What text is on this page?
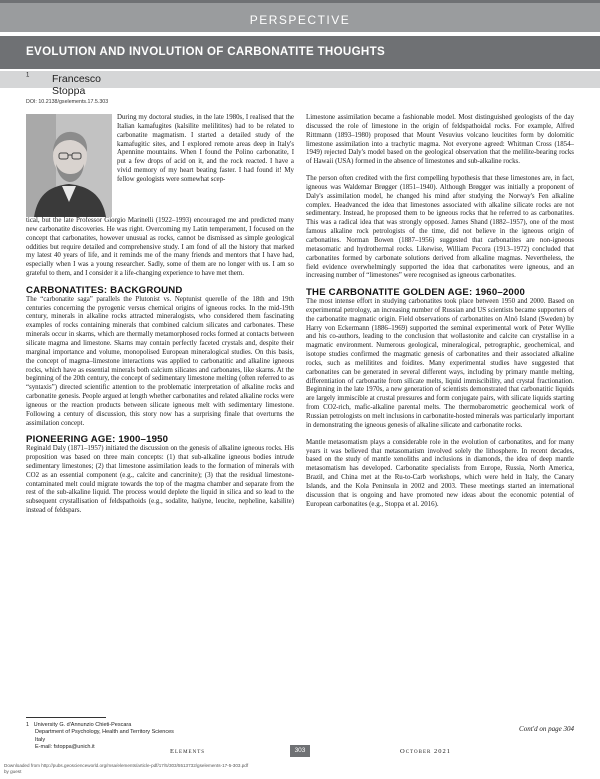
PERSPECTIVE
EVOLUTION AND INVOLUTION OF CARBONATITE THOUGHTS
Francesco Stoppa
$^1$
DOI: 10.2138/gselements.17.5.303

During my doctoral studies, in the late 1980s, I realised that the Italian kamafugites (kalsilite melilitites) had to be related to carbonatite magmatism. I started a detailed study of the kamafugitic sites, and I explored remote areas deep in Italy's Apennine mountains. When I found the Polino carbonatite, I put a few drops of acid on it, and the rock reacted. I have a vivid memory of my heart beating faster. I had found it! My fellow geologists were somewhat scep-

tical, but the late Professor Giorgio Marinelli (1922–1993) encouraged me and predicted many new carbonatite discoveries. He was right. Overcoming my Latin temperament, I focused on the concept that carbonatites, however unusual as rocks, cannot be dismissed as simple geological oddities but require detailed and comprehensive study. I am fond of all the history that marked my latest 40 years of life, and it reminds me of the many friends and mentors that I have had, especially when I was a young researcher. Sadly, some of them are no longer with us. I am so grateful to them, and I consider it a life-changing experience to have met them.

CARBONATITES: BACKGROUND

The “carbonatite saga” parallels the Plutonist vs. Neptunist querelle of the 18th and 19th centuries concerning the pyrogenic versus chemical origins of igneous rocks. In the mid-19th century, minerals in alkaline rocks attracted mineralogists, who considered them fascinating examples of rocks containing minerals that combined calcium silicates and carbonates. These minerals occur in skarns, which are thermally metamorphosed rocks formed at contacts between silicate magma and limestone. Skarns may contain perfectly faceted crystals and, despite their marginal importance and volume, monopolised European mineralogical studies. On this basis, the concept of magma–limestone interactions was applied to carbonatitic and alkaline igneous rocks, which have as essential minerals both calcium silicates and carbonates, like skarns. At the beginning of the 20th century, the concept of sedimentary limestone melting (often referred to as “syntaxis”) directed scientific attention to the problematic interpretation of alkaline rocks and carbonatite genesis. People argued at length whether carbonatites and related alkaline rocks were igneous or the reaction products between silicate igneous melt with sedimentary limestone. Following a century of discussion, this story now has a surprising finale that overturns the assimilation concept.

PIONEERING AGE: 1900–1950

Reginald Daly (1871–1957) initiated the discussion on the genesis of alkaline igneous rocks. His proposition was based on three main concepts: (1) that sub-alkaline igneous bodies intrude sedimentary limestones; (2) that limestone assimilation leads to the formation of minerals with CO2 as an essential component (e.g., calcite and cancrinite); (3) that the residual limestone-contaminated melt could migrate towards the top of the magma chamber and separate from the rest of the sub-alkaline liquid. The process would deplete the liquid in silica and so lead to the subsequent crystallisation of feldspathoids (e.g., sodalite, haüyne, leucite, nepheline, kalsilite) instead of feldspars.

Limestone assimilation became a fashionable model. Most distinguished geologists of the day discussed the role of limestone in the origin of feldspathoidal rocks. For example, Alfred Rittmann (1893–1980) proposed that Mount Vesuvius volcano leucitites form by dolomitic limestone assimilation into a trachytic magma. Not everyone agreed: Whitman Cross (1854–1949) rejected Daly's model based on the geological observation that the melilite-bearing rocks of Hawaii (USA) formed in the absence of limestones and sub-alkaline rocks.

The person often credited with the first compelling hypothesis that these limestones are, in fact, igneous was Waldemar Brøgger (1851–1940). Although Brøgger was initially a proponent of Daly's assimilation model, he changed his mind after studying the Norway's Fen alkaline complex. Headvanced the idea that limestones associated with alkaline silicate rocks are not sedimentary. Instead, he proposed them to be igneous rocks that he referred to as carbonatites. This was a radical idea that was strongly opposed. James Shand (1882–1957), one of the most famous alkaline rock petrologists of the time, did not believe in the igneous origin of carbonatites. Norman Bowen (1887–1956) suggested that carbonatites are non-igneous metasomatic and hydrothermal rocks. Likewise, William Pecora (1913–1972) concluded that carbonatites formed by carbonate solutions derived from alkaline magmas. Nevertheless, the field evidence overwhelmingly supported the idea that carbonatites were igneous, and an increasing number of “limestones” were recognised as igneous carbonatites.

THE CARBONATITE GOLDEN AGE: 1960–2000

The most intense effort in studying carbonatites took place between 1950 and 2000. Based on experimental petrology, an increasing number of Russian and US scientists became supporters of the carbonatite magmatic origin. Field observations of carbonatites on Alnö Island (Sweden) by Harry von Eckermann (1886–1969) supported the seminal experimental work of Peter Wyllie and his co-authors, leading to the conclusion that wollastonite and calcite can crystallise in a magmatic environment. Numerous geological, mineralogical, petrographic, geochemical, and isotope studies confirmed the magmatic genesis of carbonatites and their associated alkaline rocks, such as melilitites and foidites. Many experimental studies have suggested that carbonatites can be generated in several different ways, including by primary mantle melting, differentiation of carbonatite from silicate melts, liquid immiscibility, and crystal fractionation. Beginning in the late 1970s, a new generation of scientists demonstrated that carbonatitic liquids are largely immiscible at crustal pressures and form conjugate pairs, with silicate liquids starting from CO2-rich, mafic-alkaline parental melts. The thermobarometric geochemical work of Russian petrologists on melt inclusions in carbonatite-hosted minerals was particularly important in demonstrating the igneous genesis of alkaline silicate and carbonatite rocks.

Mantle metasomatism plays a considerable role in the evolution of carbonatites, and for many years it was believed that metasomatism involved solely the lithosphere. In recent decades, based on the study of mantle xenoliths and inclusions in diamonds, the idea of deep mantle metasomatism has developed. Carbonatite specialists from Europe, Russia, North America, Brazil, and China met at the Ru-to-Carb workshops, which were held in Italy, the Canary Islands, and the Kola Peninsula in 2002 and 2003. These meetings started an international discussion that is ongoing and have promoted new ideas about the economic potential of European carbonatites (e.g., Stoppa et al. 2016).

1 University G. d'Annunzio Chieti-Pescara
Department of Psychology, Health and Territory Sciences
Italy
E-mail: fstoppa@unich.it
Cont'd on page 304
Elements	October 2021
303
Downloaded from http://pubs.geoscienceworld.org/msa/elements/article-pdf/17/5/303/5513732/gselements-17-5-303.pdf
by guest
